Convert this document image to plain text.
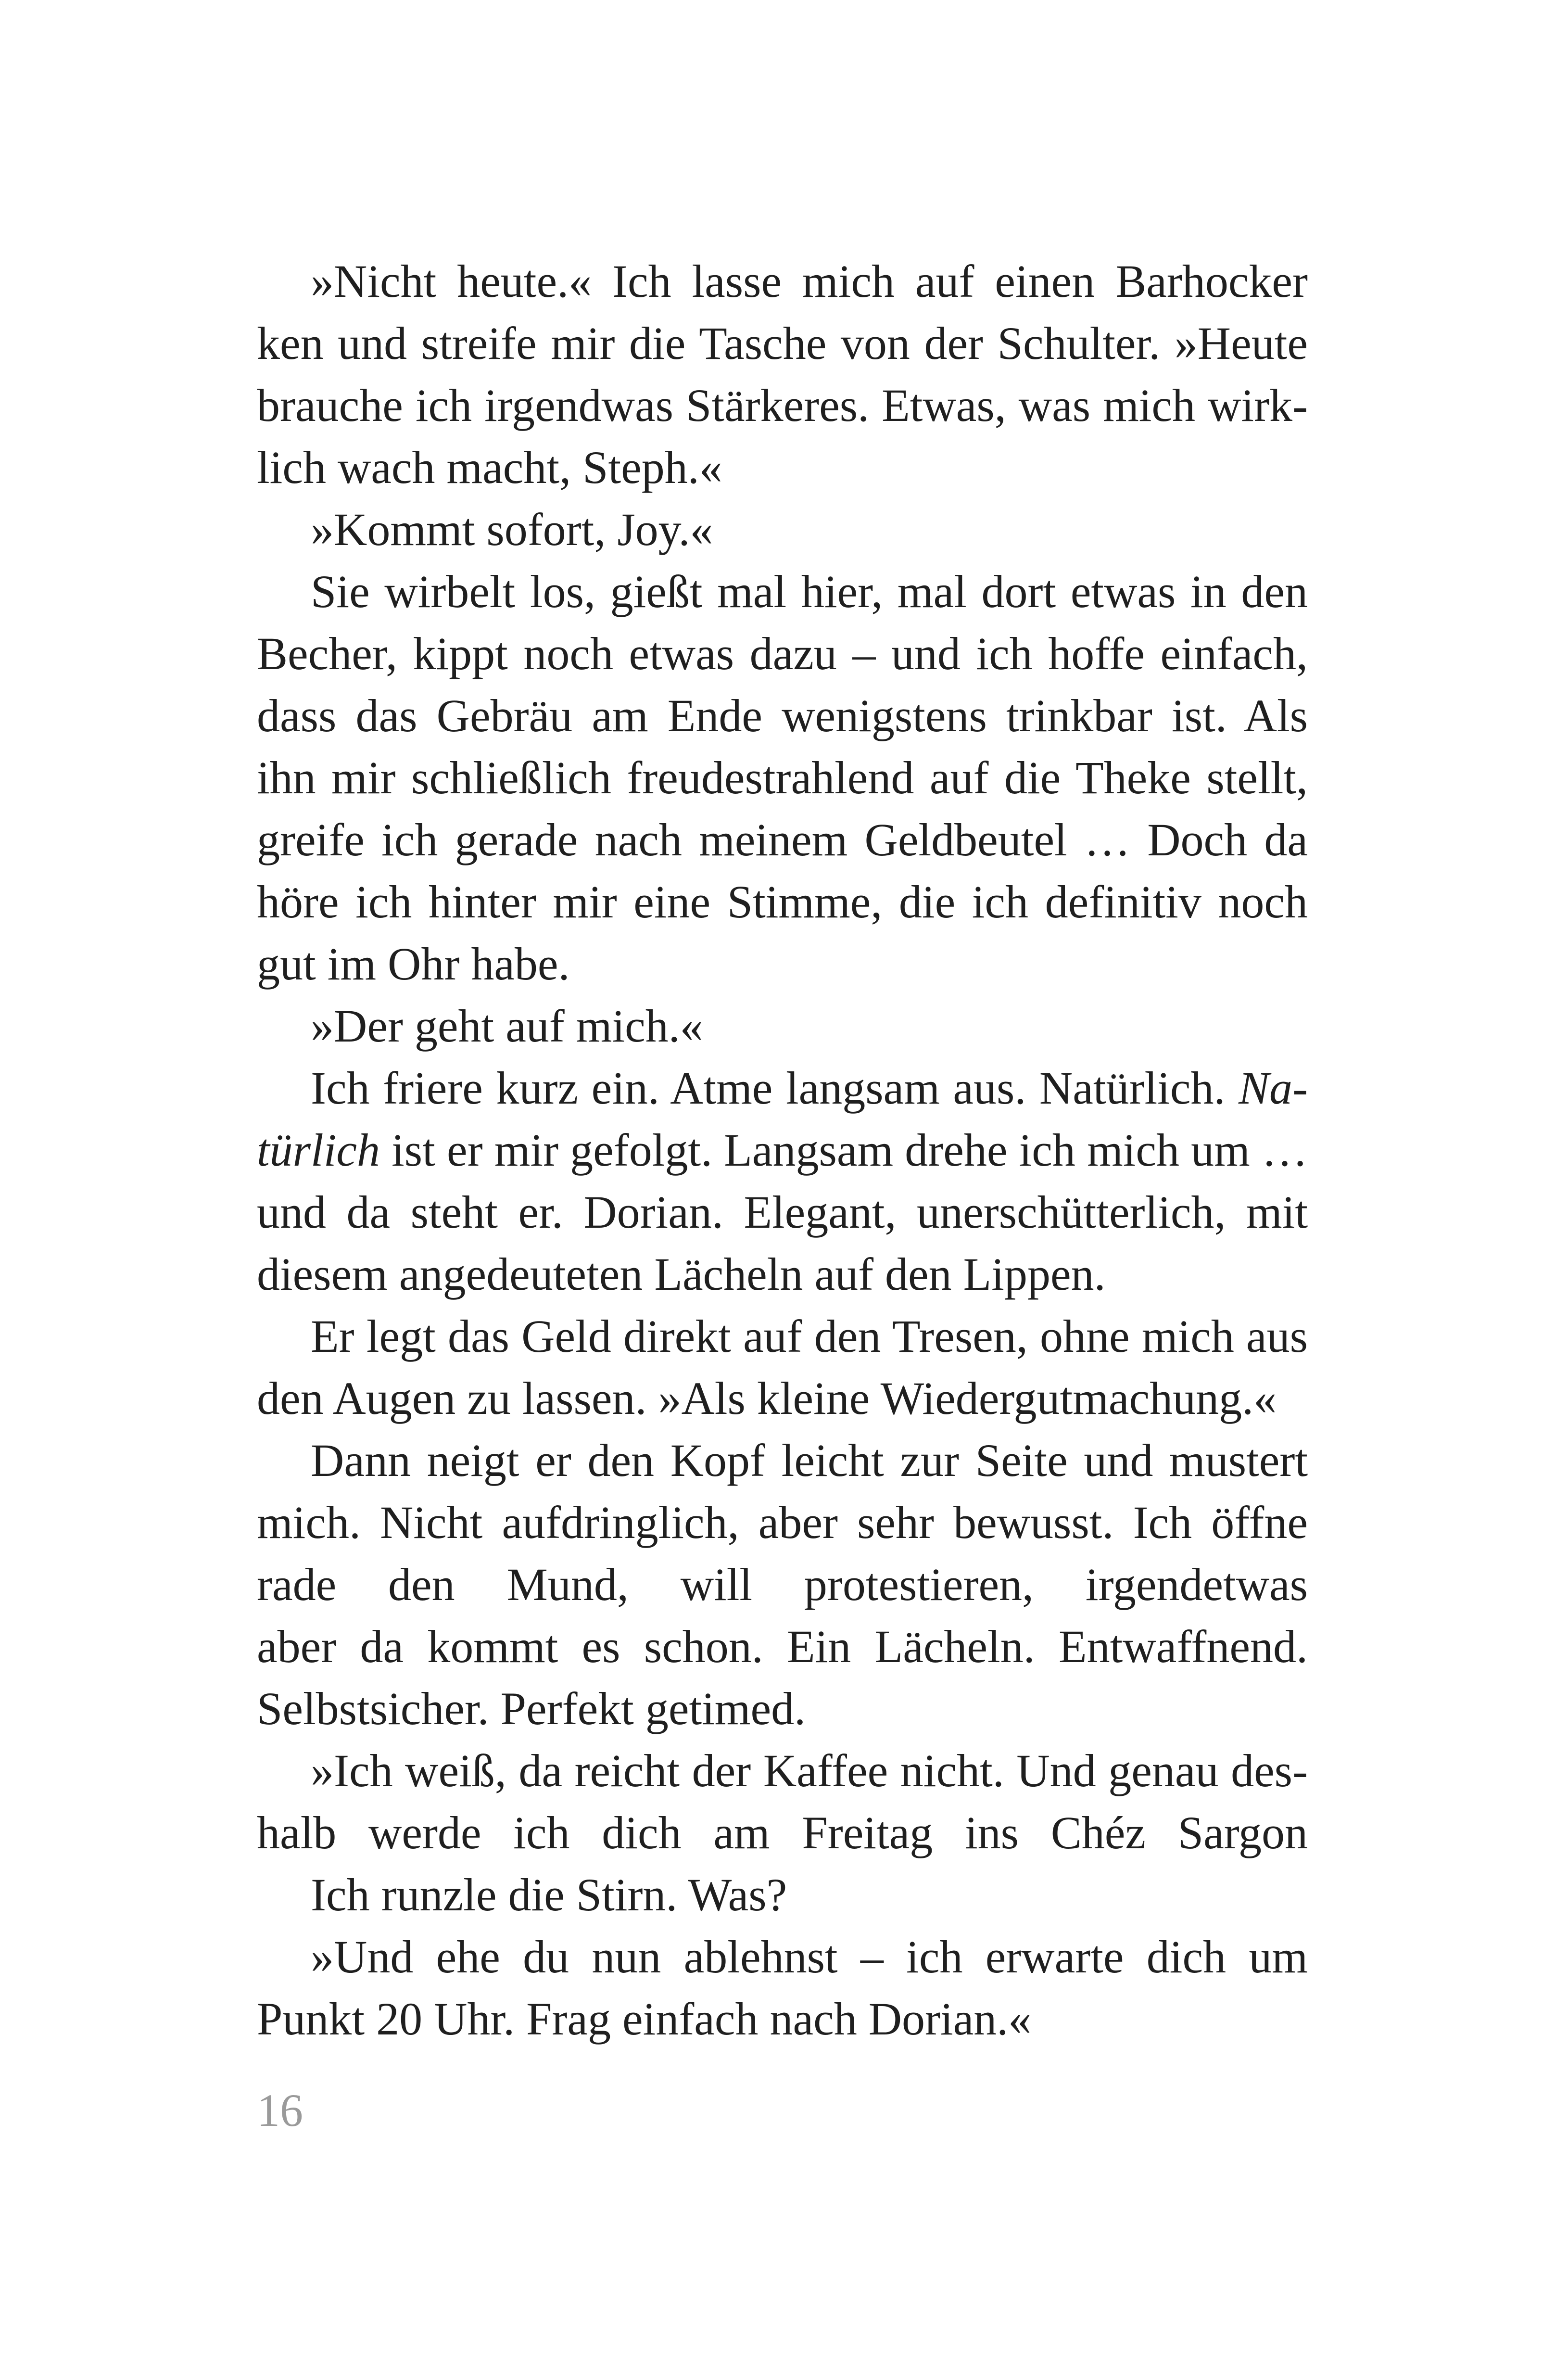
»Nicht heute.« Ich lasse mich auf einen Barhocker
ken und streife mir die Tasche von der Schulter. »Heute
brauche ich irgendwas Stärkeres. Etwas, was mich wirk-
lich wach macht, Steph.«
»Kommt sofort, Joy.«
Sie wirbelt los, gießt mal hier, mal dort etwas in den
Becher, kippt noch etwas dazu – und ich hoffe einfach,
dass das Gebräu am Ende wenigstens trinkbar ist. Als
ihn mir schließlich freudestrahlend auf die Theke stellt,
greife ich gerade nach meinem Geldbeutel … Doch da
höre ich hinter mir eine Stimme, die ich definitiv noch
gut im Ohr habe.
»Der geht auf mich.«
Ich friere kurz ein. Atme langsam aus. Natürlich. Na-
türlich ist er mir gefolgt. Langsam drehe ich mich um …
und da steht er. Dorian. Elegant, unerschütterlich, mit
diesem angedeuteten Lächeln auf den Lippen.
Er legt das Geld direkt auf den Tresen, ohne mich aus
den Augen zu lassen. »Als kleine Wiedergutmachung.«
Dann neigt er den Kopf leicht zur Seite und mustert
mich. Nicht aufdringlich, aber sehr bewusst. Ich öffne
rade den Mund, will protestieren, irgendetwas
aber da kommt es schon. Ein Lächeln. Entwaffnend.
Selbstsicher. Perfekt getimed.
»Ich weiß, da reicht der Kaffee nicht. Und genau des-
halb werde ich dich am Freitag ins Chéz Sargon
Ich runzle die Stirn. Was?
»Und ehe du nun ablehnst – ich erwarte dich um
Punkt 20 Uhr. Frag einfach nach Dorian.«
16
